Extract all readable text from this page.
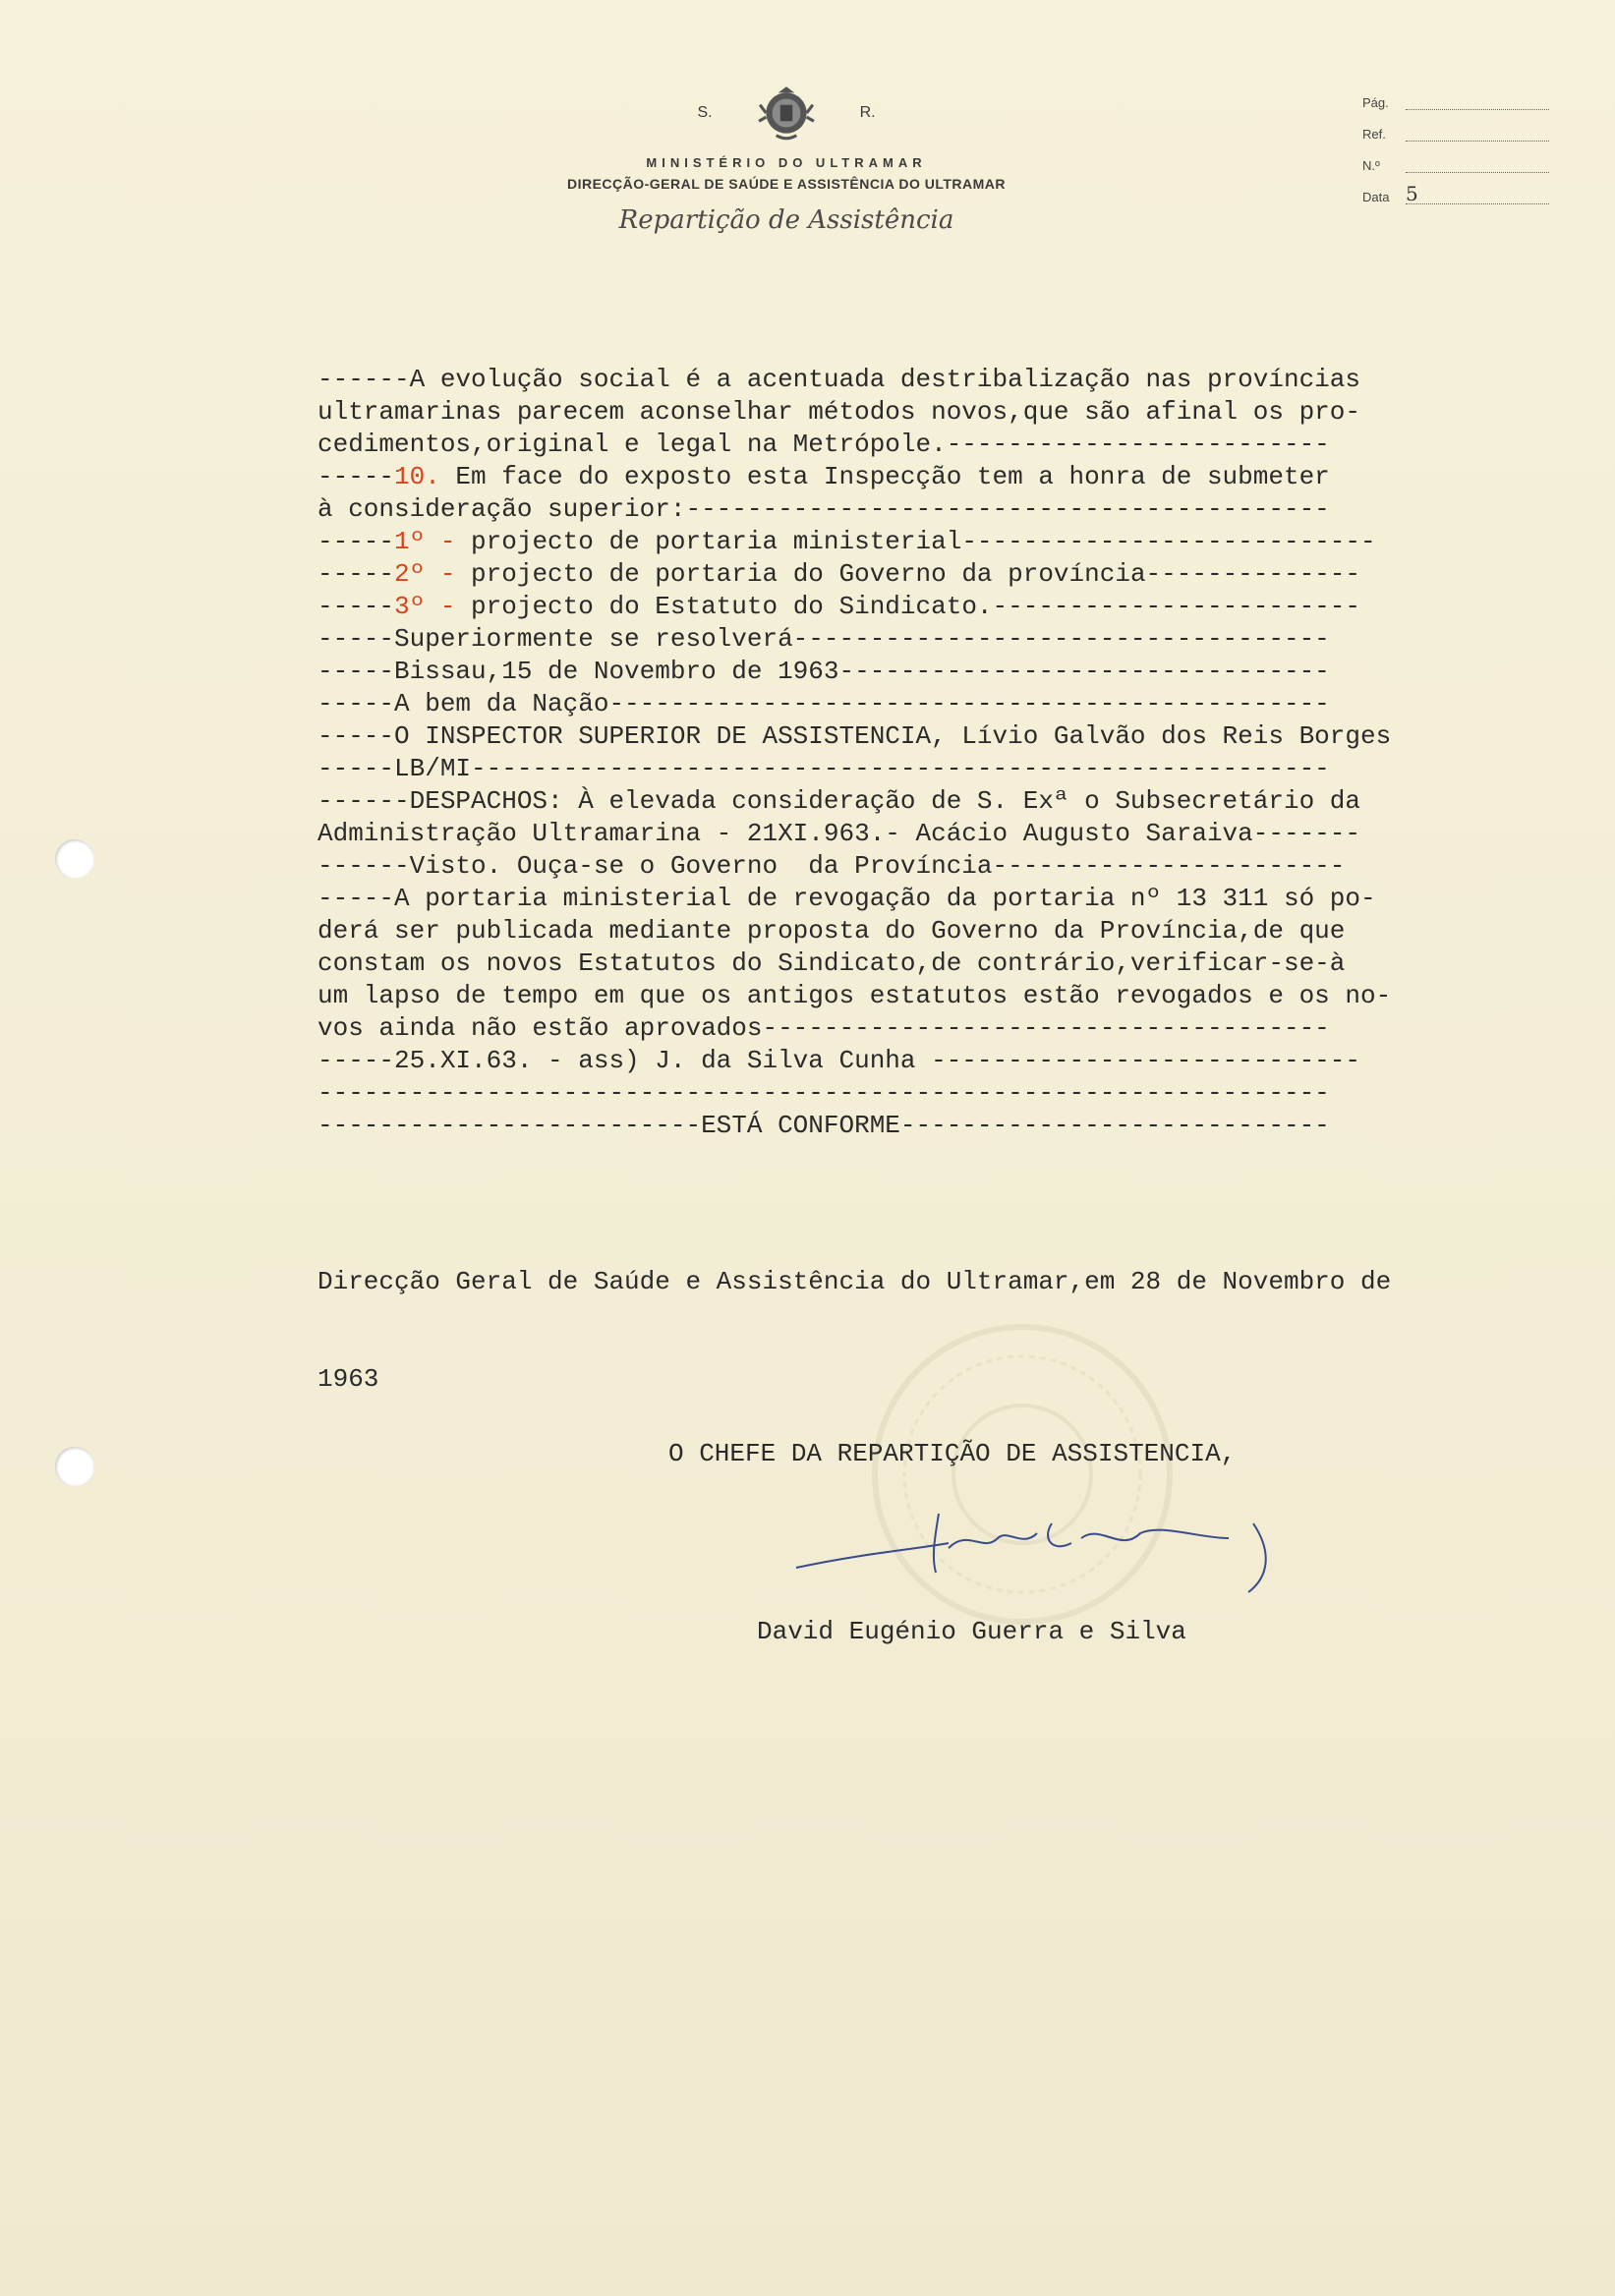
S.	R.
MINISTÉRIO DO ULTRAMAR
DIRECÇÃO-GERAL DE SAÚDE E ASSISTÊNCIA DO ULTRAMAR
Repartição de Assistência
Pág.
5
Ref.
N.º
Data
------A evolução social é a acentuada destribalização nas províncias
ultramarinas parecem aconselhar métodos novos,que são afinal os pro-
cedimentos,original e legal na Metrópole.-------------------------
-----10. Em face do exposto esta Inspecção tem a honra de submeter
à consideração superior:------------------------------------------
-----1º - projecto de portaria ministerial---------------------------
-----2º - projecto de portaria do Governo da província--------------
-----3º - projecto do Estatuto do Sindicato.------------------------
-----Superiormente se resolverá-----------------------------------
-----Bissau,15 de Novembro de 1963--------------------------------
-----A bem da Nação-----------------------------------------------
-----O INSPECTOR SUPERIOR DE ASSISTENCIA, Lívio Galvão dos Reis Borges
-----LB/MI--------------------------------------------------------
------DESPACHOS: À elevada consideração de S. Exª o Subsecretário da
Administração Ultramarina - 21XI.963.- Acácio Augusto Saraiva-------
------Visto. Ouça-se o Governo  da Província-----------------------
-----A portaria ministerial de revogação da portaria nº 13 311 só po-
derá ser publicada mediante proposta do Governo da Província,de que
constam os novos Estatutos do Sindicato,de contrário,verificar-se-à
um lapso de tempo em que os antigos estatutos estão revogados e os no-
vos ainda não estão aprovados-------------------------------------
-----25.XI.63. - ass) J. da Silva Cunha ----------------------------
------------------------------------------------------------------
-------------------------ESTÁ CONFORME----------------------------

Direcção Geral de Saúde e Assistência do Ultramar,em 28 de Novembro de

1963

O CHEFE DA REPARTIÇÃO DE ASSISTENCIA,
David Eugénio Guerra e Silva
